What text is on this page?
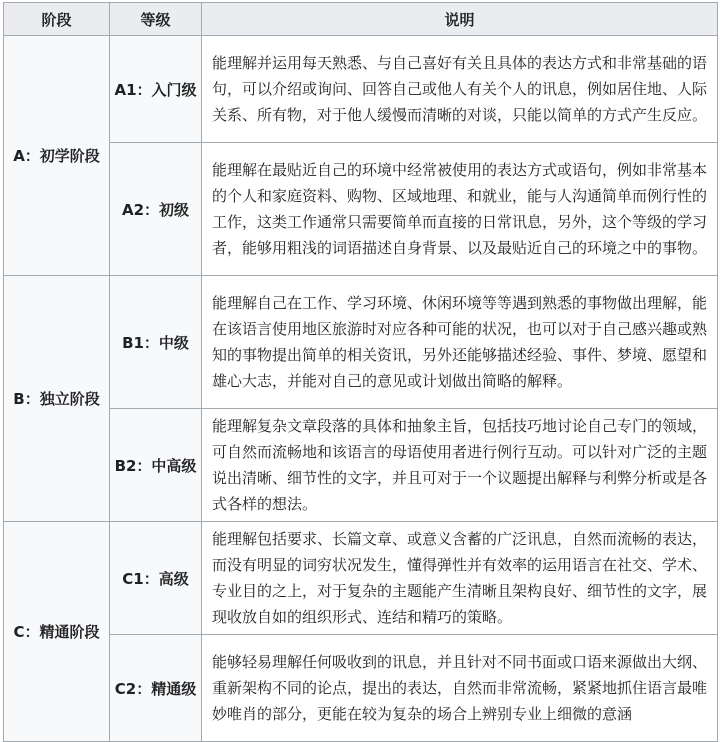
阶段	等级	说明
A：初学阶段	A1：入门级	能理解并运用每天熟悉、与自己喜好有关且具体的表达方式和非常基础的语句，可以介绍或询问、回答自己或他人有关个人的讯息，例如居住地、人际关系、所有物，对于他人缓慢而清晰的对谈，只能以简单的方式产生反应。
	A2：初级	能理解在最贴近自己的环境中经常被使用的表达方式或语句，例如非常基本的个人和家庭资料、购物、区域地理、和就业，能与人沟通简单而例行性的工作，这类工作通常只需要简单而直接的日常讯息，另外，这个等级的学习者，能够用粗浅的词语描述自身背景、以及最贴近自己的环境之中的事物。
B：独立阶段	B1：中级	能理解自己在工作、学习环境、休闲环境等等遇到熟悉的事物做出理解，能在该语言使用地区旅游时对应各种可能的状况，也可以对于自己感兴趣或熟知的事物提出简单的相关资讯，另外还能够描述经验、事件、梦境、愿望和雄心大志，并能对自己的意见或计划做出简略的解释。
	B2：中高级	能理解复杂文章段落的具体和抽象主旨，包括技巧地讨论自己专门的领域，可自然而流畅地和该语言的母语使用者进行例行互动。可以针对广泛的主题说出清晰、细节性的文字，并且可对于一个议题提出解释与利弊分析或是各式各样的想法。
C：精通阶段	C1：高级	能理解包括要求、长篇文章、或意义含蓄的广泛讯息，自然而流畅的表达，而没有明显的词穷状况发生，懂得弹性并有效率的运用语言在社交、学术、专业目的之上，对于复杂的主题能产生清晰且架构良好、细节性的文字，展现收放自如的组织形式、连结和精巧的策略。
	C2：精通级	能够轻易理解任何吸收到的讯息，并且针对不同书面或口语来源做出大纲、重新架构不同的论点，提出的表达，自然而非常流畅，紧紧地抓住语言最唯妙唯肖的部分，更能在较为复杂的场合上辨别专业上细微的意涵
